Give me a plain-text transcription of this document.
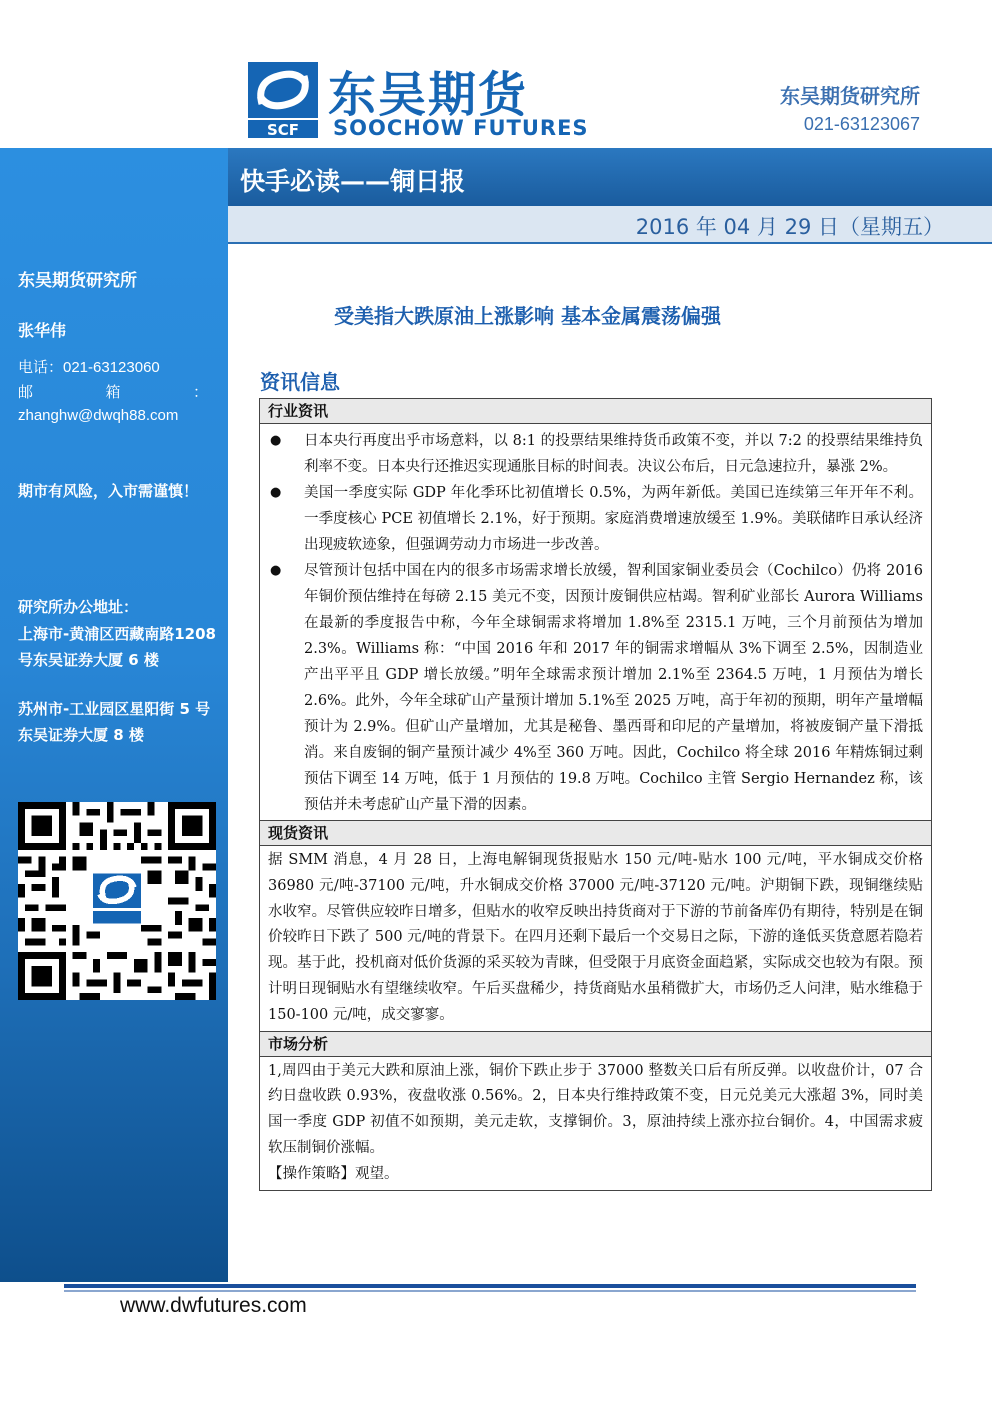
SCF
东吴期货
SOOCHOW FUTURES
东吴期货研究所
021-63123067
快手必读——铜日报
2016 年 04 月 29 日（星期五）
东吴期货研究所
张华伟
电话：021-63123060
邮	箱	：
zhanghw@dwqh88.com
期市有风险，入市需谨慎！
研究所办公地址：
上海市-黄浦区西藏南路1208 号东吴证券大厦 6 楼
苏州市-工业园区星阳街 5 号东吴证券大厦 8 楼
受美指大跌原油上涨影响 基本金属震荡偏强
资讯信息
行业资讯
● 日本央行再度出乎市场意料，以 8:1 的投票结果维持货币政策不变，并以 7:2 的投票结果维持负利率不变。日本央行还推迟实现通胀目标的时间表。决议公布后，日元急速拉升，暴涨 2%。
● 美国一季度实际 GDP 年化季环比初值增长 0.5%，为两年新低。美国已连续第三年开年不利。一季度核心 PCE 初值增长 2.1%，好于预期。家庭消费增速放缓至 1.9%。美联储昨日承认经济出现疲软迹象，但强调劳动力市场进一步改善。
● 尽管预计包括中国在内的很多市场需求增长放缓，智利国家铜业委员会（Cochilco）仍将 2016 年铜价预估维持在每磅 2.15 美元不变，因预计废铜供应枯竭。智利矿业部长 Aurora Williams 在最新的季度报告中称，今年全球铜需求将增加 1.8%至 2315.1 万吨，三个月前预估为增加 2.3%。Williams 称：“中国 2016 年和 2017 年的铜需求增幅从 3%下调至 2.5%，因制造业产出平平且 GDP 增长放缓。”明年全球需求预计增加 2.1%至 2364.5 万吨，1 月预估为增长 2.6%。此外，今年全球矿山产量预计增加 5.1%至 2025 万吨，高于年初的预期，明年产量增幅预计为 2.9%。但矿山产量增加，尤其是秘鲁、墨西哥和印尼的产量增加，将被废铜产量下滑抵消。来自废铜的铜产量预计减少 4%至 360 万吨。因此，Cochilco 将全球 2016 年精炼铜过剩预估下调至 14 万吨，低于 1 月预估的 19.8 万吨。Cochilco 主管 Sergio Hernandez 称，该预估并未考虑矿山产量下滑的因素。
现货资讯

据 SMM 消息，4 月 28 日，上海电解铜现货报贴水 150 元/吨-贴水 100 元/吨，平水铜成交价格 36980 元/吨-37100 元/吨，升水铜成交价格 37000 元/吨-37120 元/吨。沪期铜下跌，现铜继续贴水收窄。尽管供应较昨日增多，但贴水的收窄反映出持货商对于下游的节前备库仍有期待，特别是在铜价较昨日下跌了 500 元/吨的背景下。在四月还剩下最后一个交易日之际，下游的逢低买货意愿若隐若现。基于此，投机商对低价货源的采买较为青睐，但受限于月底资金面趋紧，实际成交也较为有限。预计明日现铜贴水有望继续收窄。午后买盘稀少，持货商贴水虽稍微扩大，市场仍乏人问津，贴水维稳于 150-100 元/吨，成交寥寥。

市场分析

1,周四由于美元大跌和原油上涨，铜价下跌止步于 37000 整数关口后有所反弹。以收盘价计，07 合约日盘收跌 0.93%，夜盘收涨 0.56%。2，日本央行维持政策不变，日元兑美元大涨超 3%，同时美国一季度 GDP 初值不如预期，美元走软，支撑铜价。3，原油持续上涨亦拉台铜价。4，中国需求疲软压制铜价涨幅。

【操作策略】观望。

www.dwfutures.com
